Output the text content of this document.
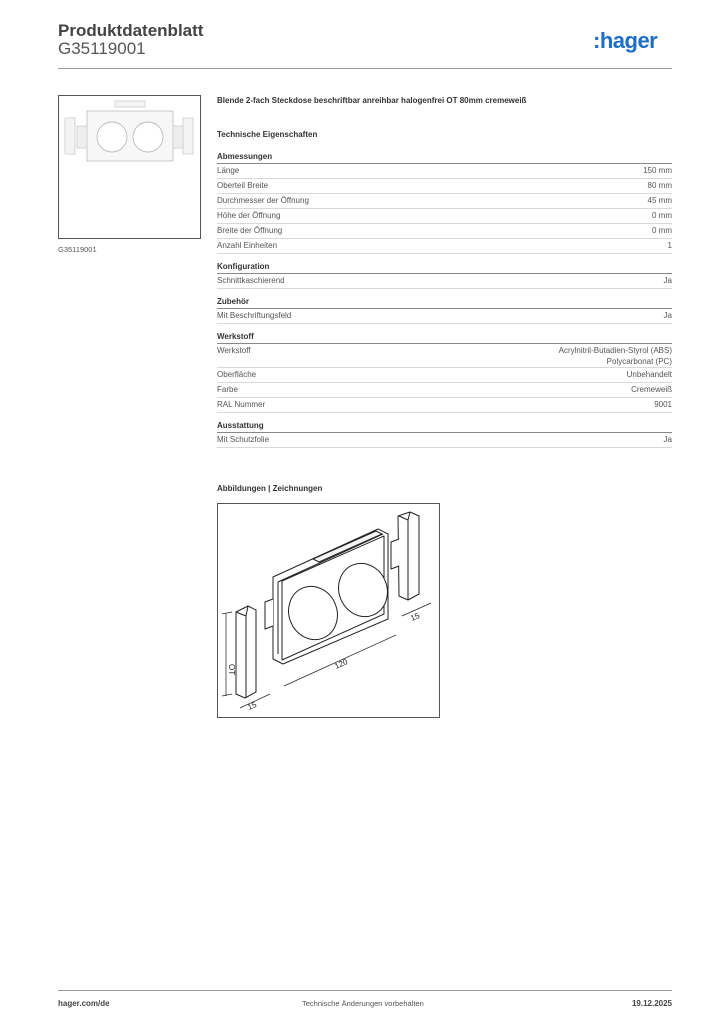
Produktdatenblatt
G35119001	:hager
G35119001
Blende 2-fach Steckdose beschriftbar anreihbar halogenfrei OT 80mm cremeweiß
Technische Eigenschaften
Abmessungen
Länge	150 mm
Oberteil Breite	80 mm
Durchmesser der Öffnung	45 mm
Höhe der Öffnung	0 mm
Breite der Öffnung	0 mm
Anzahl Einheiten	1
Konfiguration
Schnittkaschierend	Ja
Zubehör
Mit Beschriftungsfeld	Ja
Werkstoff
Werkstoff	Acrylnitril-Butadien-Styrol (ABS)
Polycarbonat (PC)
Oberfläche	Unbehandelt
Farbe	Cremeweiß
RAL Nummer	9001
Ausstattung
Mit Schutzfolie	Ja
Abbildungen | Zeichnungen
OT	120
15
15
hager.com/de	Technische Änderungen vorbehalten	19.12.2025
